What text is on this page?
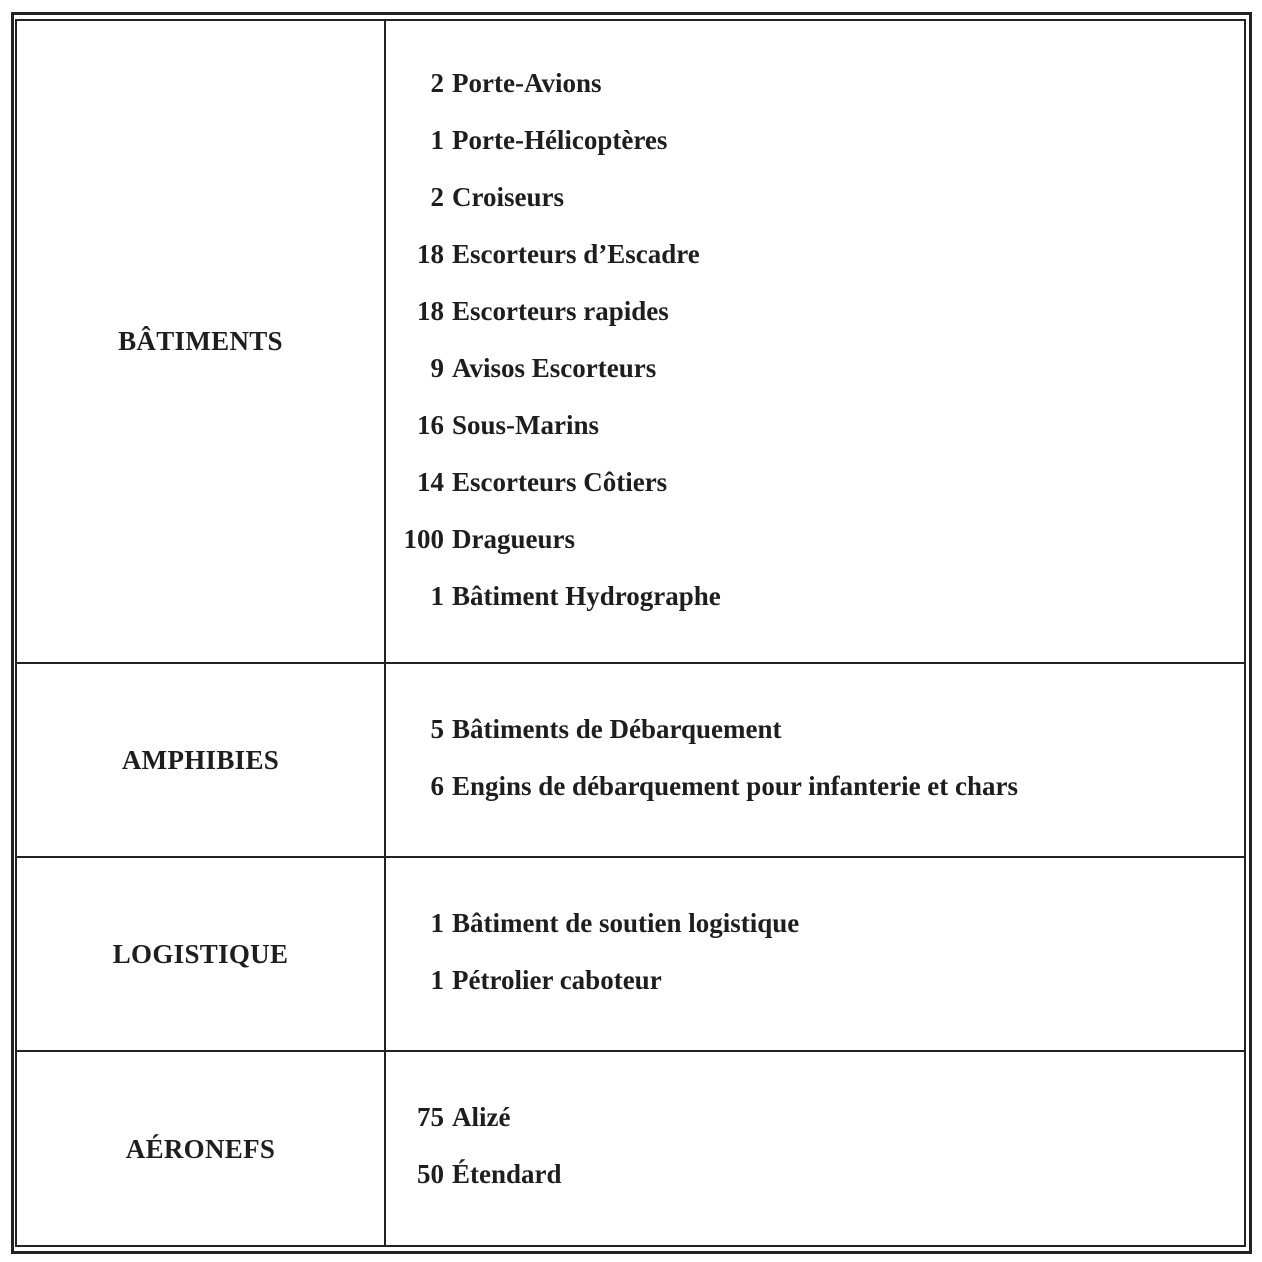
BÂTIMENTS
2 Porte-Avions
1 Porte-Hélicoptères
2 Croiseurs
18 Escorteurs d’Escadre
18 Escorteurs rapides
9 Avisos Escorteurs
16 Sous-Marins
14 Escorteurs Côtiers
100 Dragueurs
1 Bâtiment Hydrographe
AMPHIBIES
5 Bâtiments de Débarquement
6 Engins de débarquement pour infanterie et chars
LOGISTIQUE
1 Bâtiment de soutien logistique
1 Pétrolier caboteur
AÉRONEFS
75 Alizé
50 Étendard
